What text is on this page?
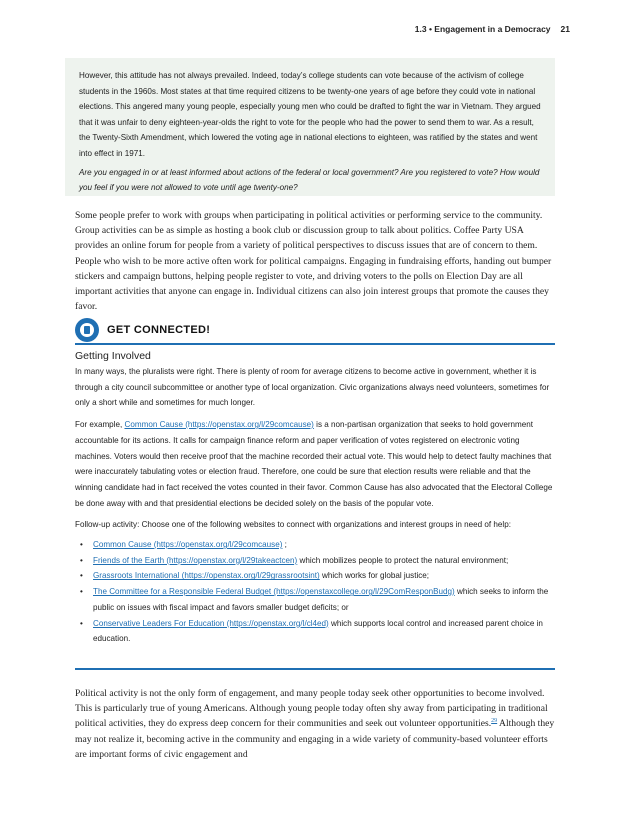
1.3 • Engagement in a Democracy 21

However, this attitude has not always prevailed. Indeed, today’s college students can vote because of the activism of college students in the 1960s. Most states at that time required citizens to be twenty-one years of age before they could vote in national elections. This angered many young people, especially young men who could be drafted to fight the war in Vietnam. They argued that it was unfair to deny eighteen-year-olds the right to vote for the people who had the power to send them to war. As a result, the Twenty-Sixth Amendment, which lowered the voting age in national elections to eighteen, was ratified by the states and went into effect in 1971.

Are you engaged in or at least informed about actions of the federal or local government? Are you registered to vote? How would you feel if you were not allowed to vote until age twenty-one?

Some people prefer to work with groups when participating in political activities or performing service to the community. Group activities can be as simple as hosting a book club or discussion group to talk about politics. Coffee Party USA provides an online forum for people from a variety of political perspectives to discuss issues that are of concern to them. People who wish to be more active often work for political campaigns. Engaging in fundraising efforts, handing out bumper stickers and campaign buttons, helping people register to vote, and driving voters to the polls on Election Day are all important activities that anyone can engage in. Individual citizens can also join interest groups that promote the causes they favor.

GET CONNECTED!
Getting Involved

In many ways, the pluralists were right. There is plenty of room for average citizens to become active in government, whether it is through a city council subcommittee or another type of local organization. Civic organizations always need volunteers, sometimes for only a short while and sometimes for much longer.

For example, Common Cause (https://openstax.org/l/29comcause) is a non-partisan organization that seeks to hold government accountable for its actions. It calls for campaign finance reform and paper verification of votes registered on electronic voting machines. Voters would then receive proof that the machine recorded their actual vote. This would help to detect faulty machines that were inaccurately tabulating votes or election fraud. Therefore, one could be sure that election results were reliable and that the winning candidate had in fact received the votes counted in their favor. Common Cause has also advocated that the Electoral College be done away with and that presidential elections be decided solely on the basis of the popular vote.

Follow-up activity: Choose one of the following websites to connect with organizations and interest groups in need of help:

• Common Cause (https://openstax.org/l/29comcause) ;
• Friends of the Earth (https://openstax.org/l/29takeactcen) which mobilizes people to protect the natural environment;
• Grassroots International (https://openstax.org/l/29grassrootsint) which works for global justice;
• The Committee for a Responsible Federal Budget (https://openstaxcollege.org/l/29ComResponBudg) which seeks to inform the public on issues with fiscal impact and favors smaller budget deficits; or
• Conservative Leaders For Education (https://openstax.org/l/cl4ed) which supports local control and increased parent choice in education.

Political activity is not the only form of engagement, and many people today seek other opportunities to become involved. This is particularly true of young Americans. Although young people today often shy away from participating in traditional political activities, they do express deep concern for their communities and seek out volunteer opportunities.$^{29}$ Although they may not realize it, becoming active in the community and engaging in a wide variety of community-based volunteer efforts are important forms of civic engagement and
